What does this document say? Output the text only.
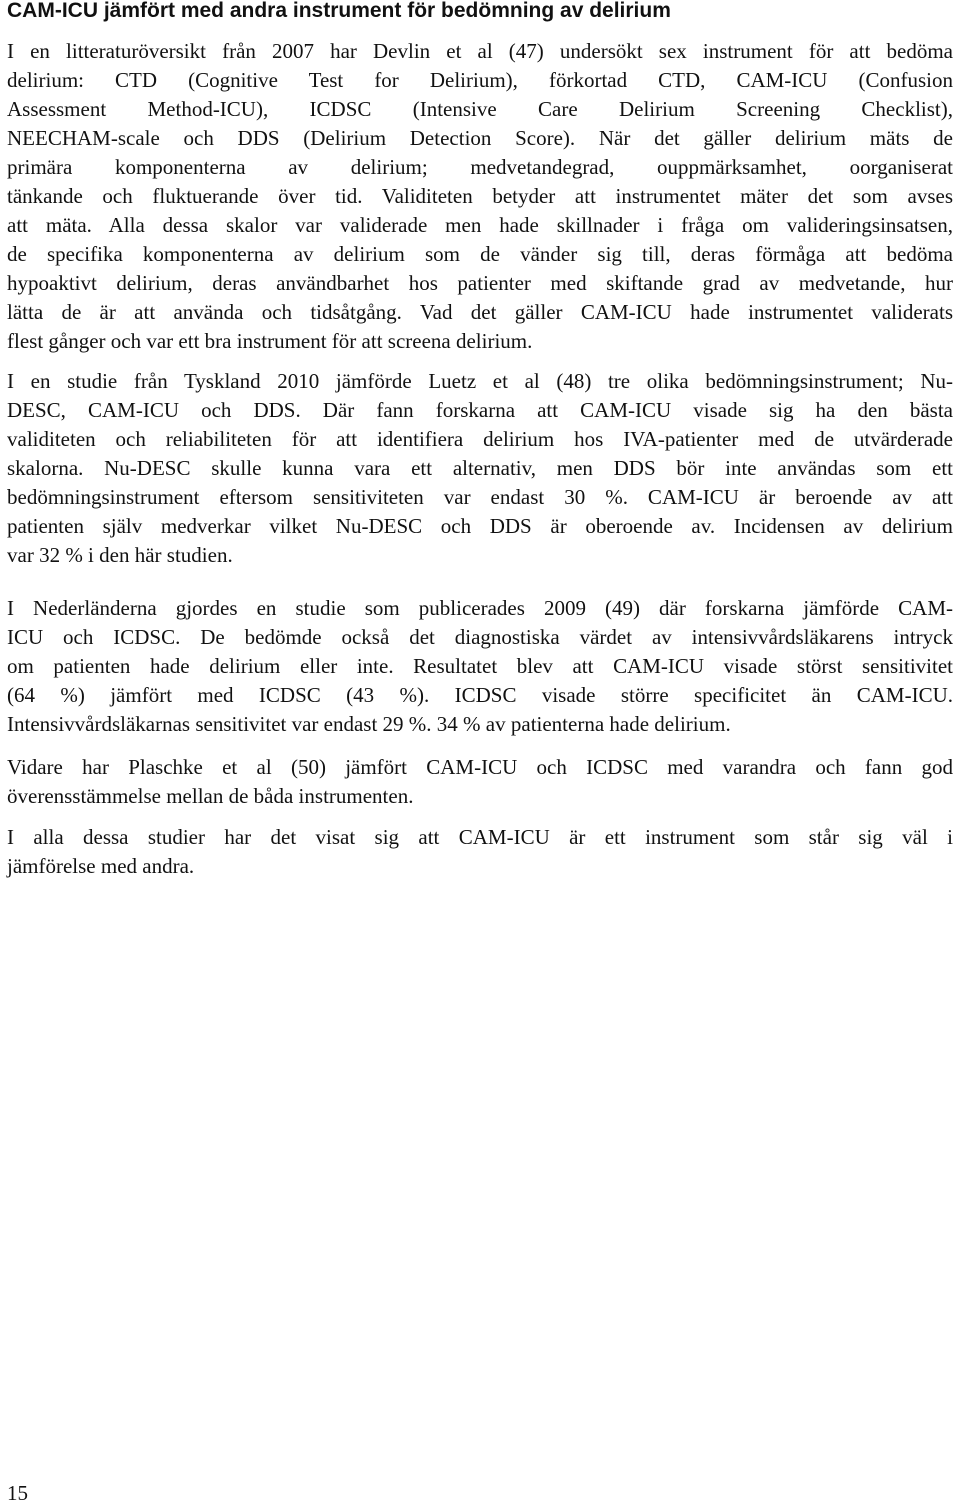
CAM-ICU jämfört med andra instrument för bedömning av delirium
I en litteraturöversikt från 2007 har Devlin et al (47) undersökt sex instrument för att bedöma
delirium: CTD (Cognitive Test for Delirium), förkortad CTD, CAM-ICU (Confusion
Assessment Method-ICU), ICDSC (Intensive Care Delirium Screening Checklist),
NEECHAM-scale och DDS (Delirium Detection Score). När det gäller delirium mäts de
primära komponenterna av delirium; medvetandegrad, ouppmärksamhet, oorganiserat
tänkande och fluktuerande över tid. Validiteten betyder att instrumentet mäter det som avses
att mäta. Alla dessa skalor var validerade men hade skillnader i fråga om valideringsinsatsen,
de specifika komponenterna av delirium som de vänder sig till, deras förmåga att bedöma
hypoaktivt delirium, deras användbarhet hos patienter med skiftande grad av medvetande, hur
lätta de är att använda och tidsåtgång. Vad det gäller CAM-ICU hade instrumentet validerats
flest gånger och var ett bra instrument för att screena delirium.
I en studie från Tyskland 2010 jämförde Luetz et al (48) tre olika bedömningsinstrument; Nu-
DESC, CAM-ICU och DDS. Där fann forskarna att CAM-ICU visade sig ha den bästa
validiteten och reliabiliteten för att identifiera delirium hos IVA-patienter med de utvärderade
skalorna. Nu-DESC skulle kunna vara ett alternativ, men DDS bör inte användas som ett
bedömningsinstrument eftersom sensitiviteten var endast 30 %. CAM-ICU är beroende av att
patienten själv medverkar vilket Nu-DESC och DDS är oberoende av. Incidensen av delirium
var 32 % i den här studien.
I Nederländerna gjordes en studie som publicerades 2009 (49) där forskarna jämförde CAM-
ICU och ICDSC. De bedömde också det diagnostiska värdet av intensivvårdsläkarens intryck
om patienten hade delirium eller inte. Resultatet blev att CAM-ICU visade störst sensitivitet
(64 %) jämfört med ICDSC (43 %). ICDSC visade större specificitet än CAM-ICU.
Intensivvårdsläkarnas sensitivitet var endast 29 %. 34 % av patienterna hade delirium.
Vidare har Plaschke et al (50) jämfört CAM-ICU och ICDSC med varandra och fann god
överensstämmelse mellan de båda instrumenten.
I alla dessa studier har det visat sig att CAM-ICU är ett instrument som står sig väl i
jämförelse med andra.

15
